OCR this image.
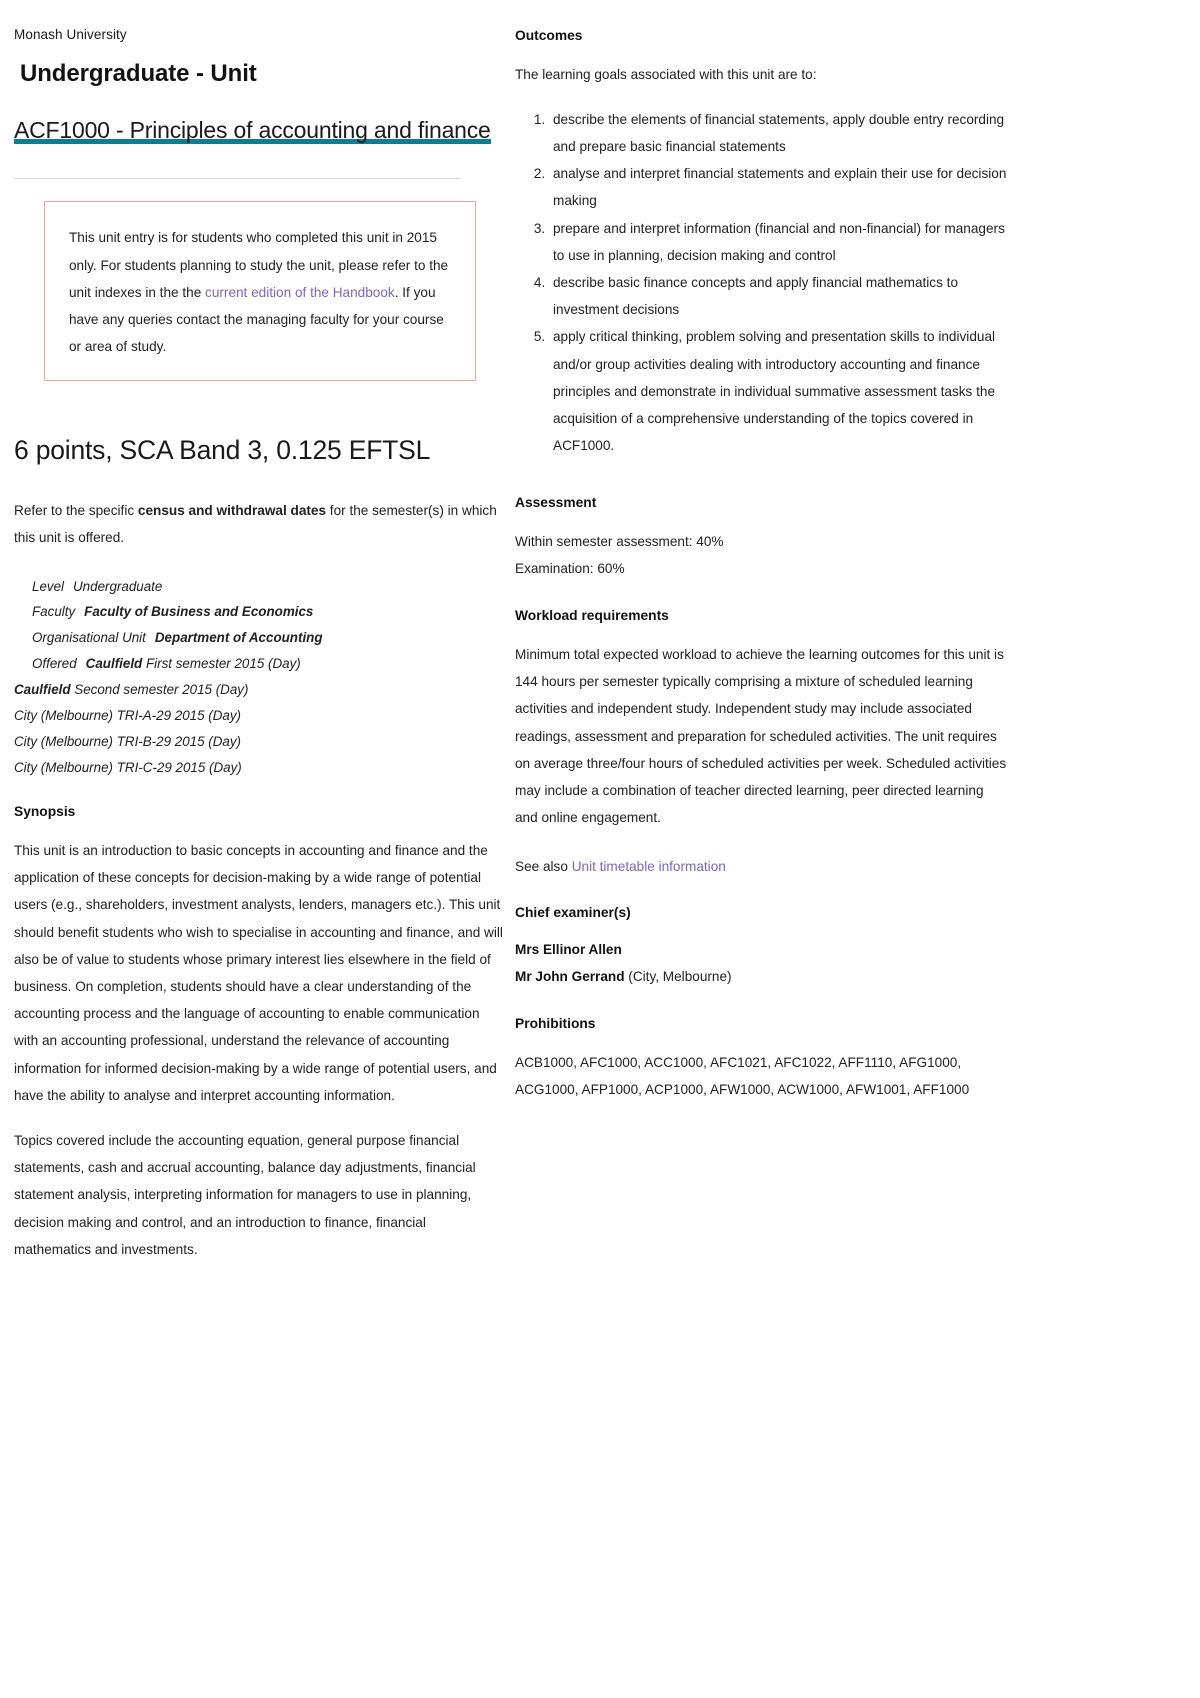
Monash University
Undergraduate - Unit
ACF1000 - Principles of accounting and finance

This unit entry is for students who completed this unit in 2015 only. For students planning to study the unit, please refer to the unit indexes in the the current edition of the Handbook. If you have any queries contact the managing faculty for your course or area of study.

6 points, SCA Band 3, 0.125 EFTSL

Refer to the specific census and withdrawal dates for the semester(s) in which this unit is offered.

Level Undergraduate
Faculty Faculty of Business and Economics
Organisational Unit Department of Accounting
Offered Caulfield First semester 2015 (Day)
Caulfield Second semester 2015 (Day)
City (Melbourne) TRI-A-29 2015 (Day)
City (Melbourne) TRI-B-29 2015 (Day)
City (Melbourne) TRI-C-29 2015 (Day)
Synopsis

This unit is an introduction to basic concepts in accounting and finance and the application of these concepts for decision-making by a wide range of potential users (e.g., shareholders, investment analysts, lenders, managers etc.). This unit should benefit students who wish to specialise in accounting and finance, and will also be of value to students whose primary interest lies elsewhere in the field of business. On completion, students should have a clear understanding of the accounting process and the language of accounting to enable communication with an accounting professional, understand the relevance of accounting information for informed decision-making by a wide range of potential users, and have the ability to analyse and interpret accounting information.

Topics covered include the accounting equation, general purpose financial statements, cash and accrual accounting, balance day adjustments, financial statement analysis, interpreting information for managers to use in planning, decision making and control, and an introduction to finance, financial mathematics and investments.

Outcomes

The learning goals associated with this unit are to:

1. describe the elements of financial statements, apply double entry recording and prepare basic financial statements
2. analyse and interpret financial statements and explain their use for decision making
3. prepare and interpret information (financial and non-financial) for managers to use in planning, decision making and control
4. describe basic finance concepts and apply financial mathematics to investment decisions
5. apply critical thinking, problem solving and presentation skills to individual and/or group activities dealing with introductory accounting and finance principles and demonstrate in individual summative assessment tasks the acquisition of a comprehensive understanding of the topics covered in ACF1000.
Assessment

Within semester assessment: 40%

Examination: 60%

Workload requirements

Minimum total expected workload to achieve the learning outcomes for this unit is 144 hours per semester typically comprising a mixture of scheduled learning activities and independent study. Independent study may include associated readings, assessment and preparation for scheduled activities. The unit requires on average three/four hours of scheduled activities per week. Scheduled activities may include a combination of teacher directed learning, peer directed learning and online engagement.

See also Unit timetable information

Chief examiner(s)

Mrs Ellinor Allen

Mr John Gerrand (City, Melbourne)

Prohibitions

ACB1000, AFC1000, ACC1000, AFC1021, AFC1022, AFF1110, AFG1000, ACG1000, AFP1000, ACP1000, AFW1000, ACW1000, AFW1001, AFF1000
